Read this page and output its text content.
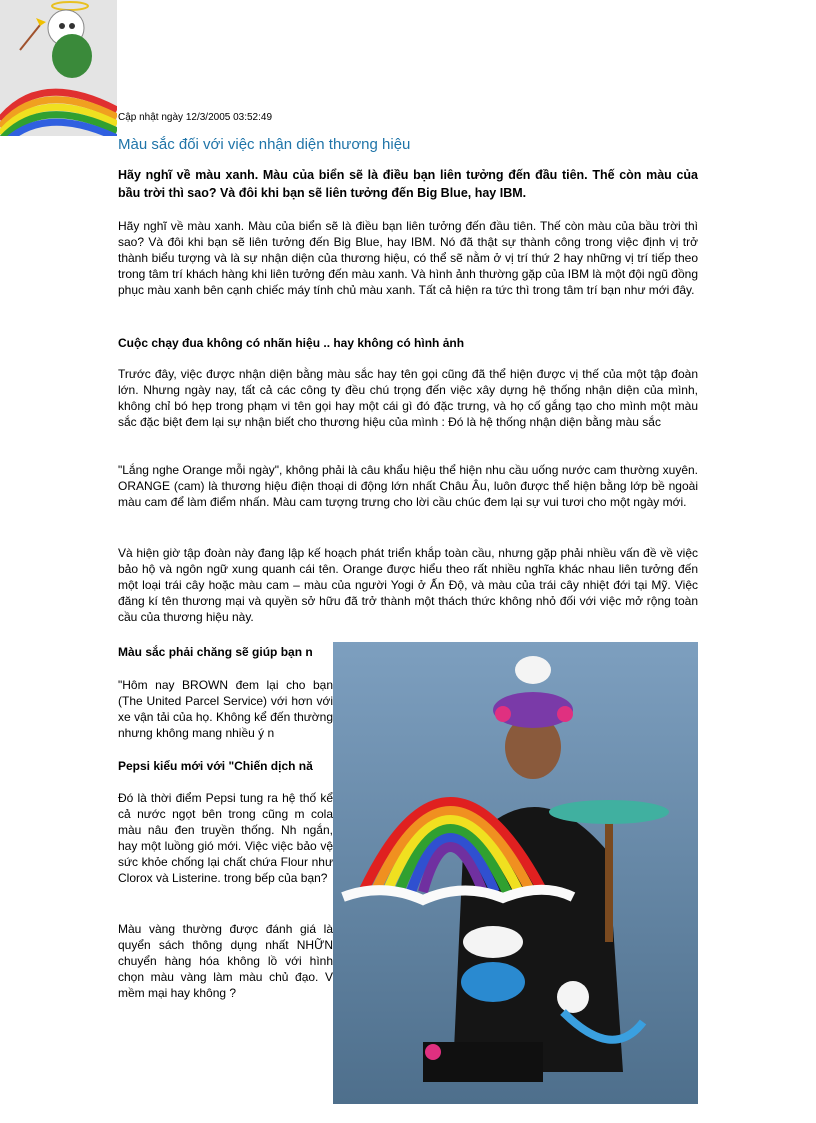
Cập nhật ngày 12/3/2005 03:52:49
Màu sắc đối với việc nhận diện thương hiệu
Hãy nghĩ về màu xanh. Màu của biển sẽ là điều bạn liên tưởng đến đầu tiên. Thế còn màu của bầu trời thì sao? Và đôi khi bạn sẽ liên tưởng đến Big Blue, hay IBM.
Hãy nghĩ về màu xanh. Màu của biển sẽ là điều bạn liên tưởng đến đầu tiên. Thế còn màu của bầu trời thì sao? Và đôi khi bạn sẽ liên tưởng đến Big Blue, hay IBM. Nó đã thật sự thành công trong việc định vị trở thành biểu tượng và là sự nhận diện của thương hiệu, có thể sẽ nằm ở vị trí thứ 2 hay những vị trí tiếp theo trong tâm trí khách hàng khi liên tưởng đến màu xanh. Và hình ảnh thường gặp của IBM là một đội ngũ đồng phục màu xanh bên cạnh chiếc máy tính chủ màu xanh. Tất cả hiện ra tức thì trong tâm trí bạn như mới đây.
Cuộc chạy đua không có nhãn hiệu .. hay không có hình ảnh
Trước đây, việc được nhận diện bằng màu sắc hay tên gọi cũng đã thể hiện được vị thế của một tập đoàn lớn. Nhưng ngày nay, tất cả các công ty đều chú trọng đến việc xây dựng hệ thống nhận diện của mình, không chỉ bó hẹp trong phạm vi tên gọi hay một cái gì đó đặc trưng, và họ cố gắng tạo cho mình một màu sắc đặc biệt đem lại sự nhận biết cho thương hiệu của mình : Đó là hệ thống nhận diện bằng màu sắc
"Lắng nghe Orange mỗi ngày", không phải là câu khẩu hiệu thể hiện nhu cầu uống nước cam thường xuyên. ORANGE (cam) là thương hiệu điện thoại di động lớn nhất Châu Âu, luôn được thể hiện bằng lớp bề ngoài màu cam để làm điểm nhấn. Màu cam tượng trưng cho lời cầu chúc đem lại sự vui tươi cho một ngày mới.
Và hiện giờ tập đoàn này đang lập kế hoạch phát triển khắp toàn cầu, nhưng gặp phải nhiều vấn đề về việc bảo hộ và ngôn ngữ xung quanh cái tên. Orange được hiểu theo rất nhiều nghĩa khác nhau liên tưởng đến một loại trái cây hoặc màu cam – màu của người Yogi ở Ấn Độ, và màu của trái cây nhiệt đới tại Mỹ. Việc đăng kí tên thương mại và quyền sở hữu đã trở thành một thách thức không nhỏ đối với việc mở rộng toàn cầu của thương hiệu này.
Màu sắc phải chăng sẽ giúp bạn n
"Hôm nay BROWN đem lại cho bạn (The United Parcel Service) với hơn với xe vận tải của họ. Không kể đến thường nhưng không mang nhiều ý n
Pepsi kiểu mới với "Chiến dịch nă
Đó là thời điểm Pepsi tung ra hệ thố kể cả nước ngọt bên trong cũng m cola màu nâu đen truyền thống. Nh ngắn, hay một luồng gió mới. Việc việc bảo vệ sức khỏe chống lại chất chứa Flour như Clorox và Listerine. trong bếp của bạn?
Màu vàng thường được đánh giá là quyển sách thông dụng nhất NHỮN chuyển hàng hóa không lồ với hình chọn màu vàng làm màu chủ đạo. V mềm mại hay không ?
